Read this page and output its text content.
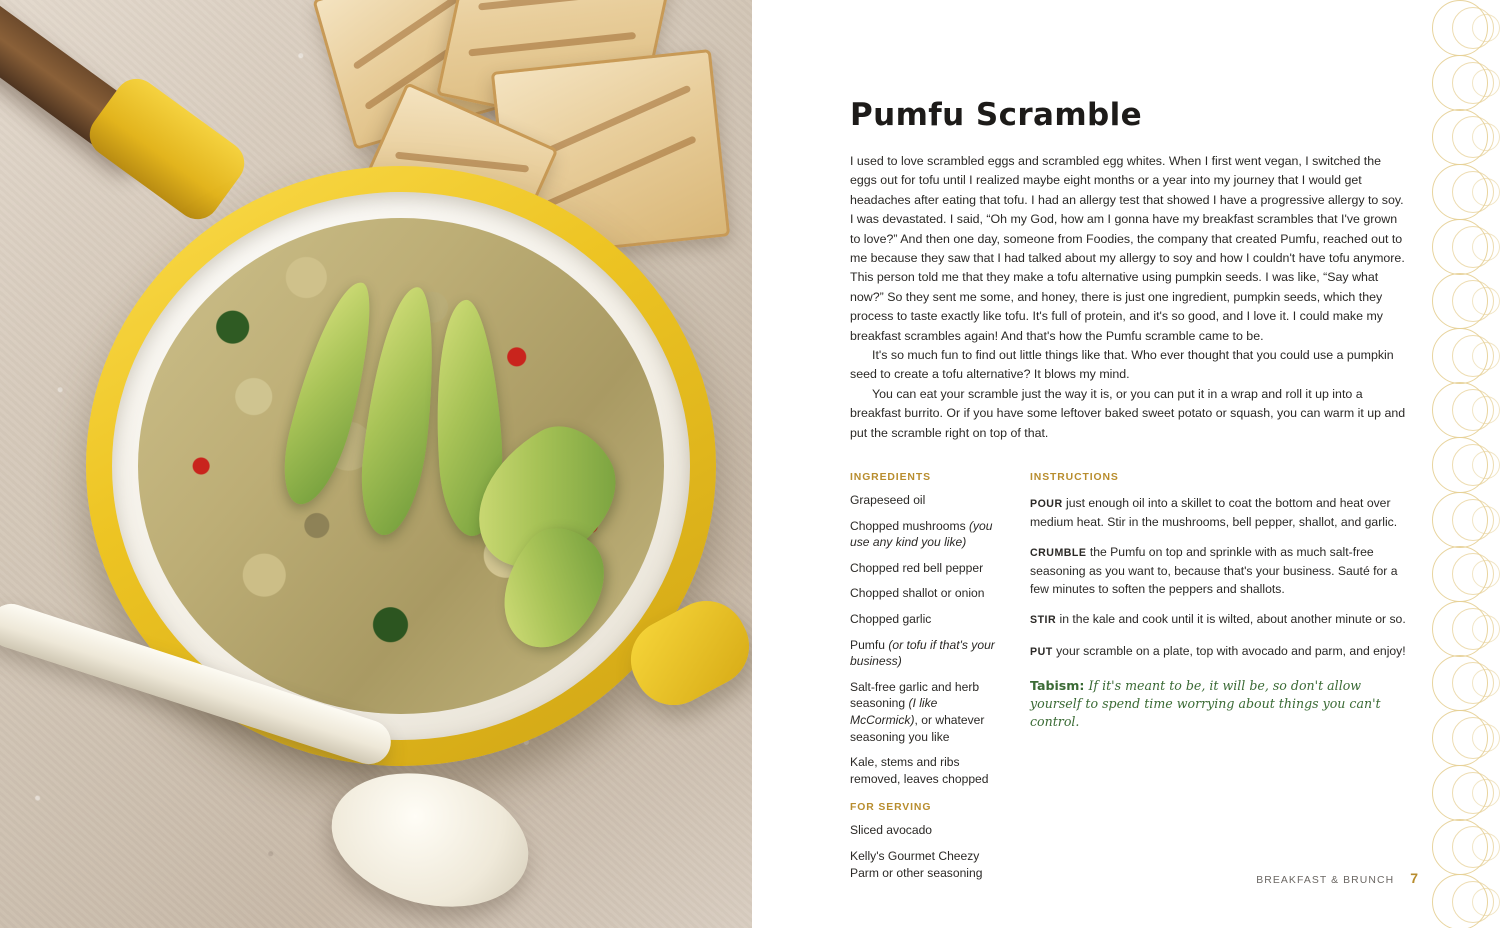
Pumfu Scramble

I used to love scrambled eggs and scrambled egg whites. When I first went vegan, I switched the eggs out for tofu until I realized maybe eight months or a year into my journey that I would get headaches after eating that tofu. I had an allergy test that showed I have a progressive allergy to soy. I was devastated. I said, “Oh my God, how am I gonna have my breakfast scrambles that I've grown to love?” And then one day, someone from Foodies, the company that created Pumfu, reached out to me because they saw that I had talked about my allergy to soy and how I couldn't have tofu anymore. This person told me that they make a tofu alternative using pumpkin seeds. I was like, “Say what now?” So they sent me some, and honey, there is just one ingredient, pumpkin seeds, which they process to taste exactly like tofu. It's full of protein, and it's so good, and I love it. I could make my breakfast scrambles again! And that's how the Pumfu scramble came to be.

It's so much fun to find out little things like that. Who ever thought that you could use a pumpkin seed to create a tofu alternative? It blows my mind.

You can eat your scramble just the way it is, or you can put it in a wrap and roll it up into a breakfast burrito. Or if you have some leftover baked sweet potato or squash, you can warm it up and put the scramble right on top of that.

INGREDIENTS
Grapeseed oil
Chopped mushrooms (you use any kind you like)
Chopped red bell pepper
Chopped shallot or onion
Chopped garlic
Pumfu (or tofu if that's your business)
Salt-free garlic and herb seasoning (I like McCormick), or whatever seasoning you like
Kale, stems and ribs removed, leaves chopped
FOR SERVING
Sliced avocado
Kelly's Gourmet Cheezy Parm or other seasoning
INSTRUCTIONS

POUR just enough oil into a skillet to coat the bottom and heat over medium heat. Stir in the mushrooms, bell pepper, shallot, and garlic.

CRUMBLE the Pumfu on top and sprinkle with as much salt-free seasoning as you want to, because that's your business. Sauté for a few minutes to soften the peppers and shallots.

STIR in the kale and cook until it is wilted, about another minute or so.

PUT your scramble on a plate, top with avocado and parm, and enjoy!

Tabism: If it's meant to be, it will be, so don't allow yourself to spend time worrying about things you can't control.

BREAKFAST & BRUNCH 7
